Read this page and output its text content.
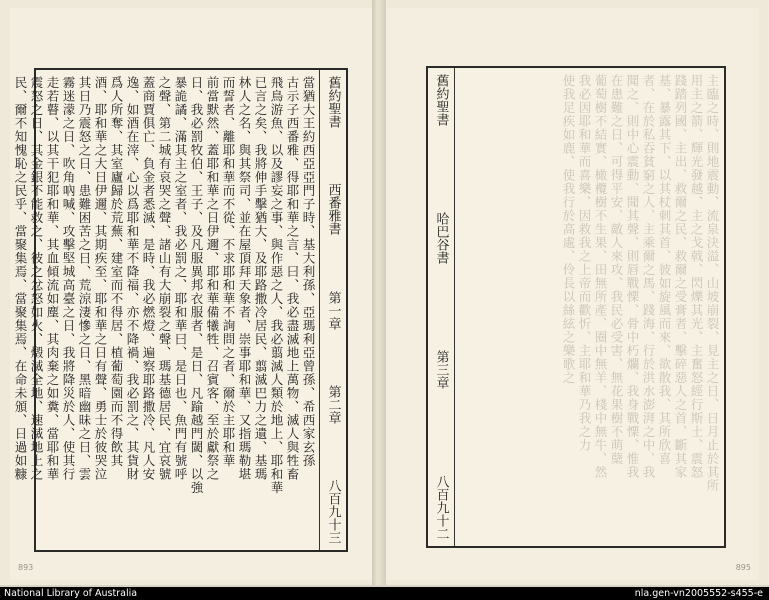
舊約聖書
西番雅書
第一章
第二章
八百九十三
當猶大王約西亞亞門子時、基大利孫、亞瑪利亞曾孫、希西家玄孫
古示子西番雅、得耶和華之言、曰、我必盡滅地上萬物、滅人與牲畜
飛鳥游魚、以及謬妄之事、與作惡之人、我必翦滅人類於地上、耶和華
已言之矣、我將伸手擊猶大、及耶路撒冷居民、翦滅巴力之遺、基瑪
林人之名、與其祭司、並在屋頂拜天象者、崇事耶和華、又指瑪勒堪
而誓者、離耶和華而不從、不求耶和華不詢問之者、爾於主耶和華
前當默然、蓋耶和華之日伊邇、耶和華備犧牲、召賓客、至於獻祭之
日、我必罰牧伯、王子、及凡服異邦衣服者、是日、凡踰越門閾、以強
暴詭譎、滿其主之室者、我必罰之、耶和華曰、是日也、魚門有號呼
之聲、第二城有哀哭之聲、諸山有大崩裂之聲、瑪基德居民、宜哀號
蓋商賈俱亡、負金者悉滅、是時、我必燃燈、遍察耶路撒冷、凡人安
逸、如酒在滓、心以爲耶和華不降福、亦不降禍、我必罰之、其貨財
爲人所奪、其室廬歸於荒蕪、建室而不得居、植葡萄園而不得飲其
酒、耶和華之大日伊邇、其期疾至、耶和華之日有聲、勇士於彼哭泣
其日乃震怒之日、患難困苦之日、荒涼淒慘之日、黑暗幽昧之日、雲
霧迷濛之日、吹角吶喊、攻擊堅城高臺之日、我將降災於人、使其行
走若瞽、以其干犯耶和華、其血傾流如塵、其肉棄之如糞、當耶和華
震怒之日、其金銀不能救之、彼之忿怒如火、燬滅全地、速滅地上之
民、爾不知愧恥之民乎、當聚集焉、當聚集焉、在命未頒、日過如糠
893
舊約聖書
哈巴谷書
第三章
八百九十二
主臨之時、則地震動、流泉決溢、山坡崩裂、見主之日、日月止於其所
用主之箭、輝光發越、主之戈戟、閃爍其光、主奮怒經行斯土、震怒
踐踏列國、主出、救爾之民、救爾之受膏者、擊碎惡人之首、斷其家
基、暴露其下、以其杖刺其首、彼如旋風而來、欲散我、其所欣喜
者、在於私吞貧窮之人、主乘爾之馬、踐海、行於洪水澎湃之中、我
聞之、則中心震動、聞其聲、則唇戰慄、骨中朽爛、我身戰慄、惟我
在患難之日、可得平安、敵人來攻、我民必受害、無花果樹不萌蘖
葡萄樹不結實、橄欖樹不生果、田無所產、圈中無羊、棧中無牛、然
我必因耶和華而喜樂、因救我之上帝而歡忻、主耶和華乃我之力
使我足疾如鹿、使我行於高處、伶長以絲絃之樂歌之
895
National Library of Australia	nla.gen-vn2005552-s455-e
